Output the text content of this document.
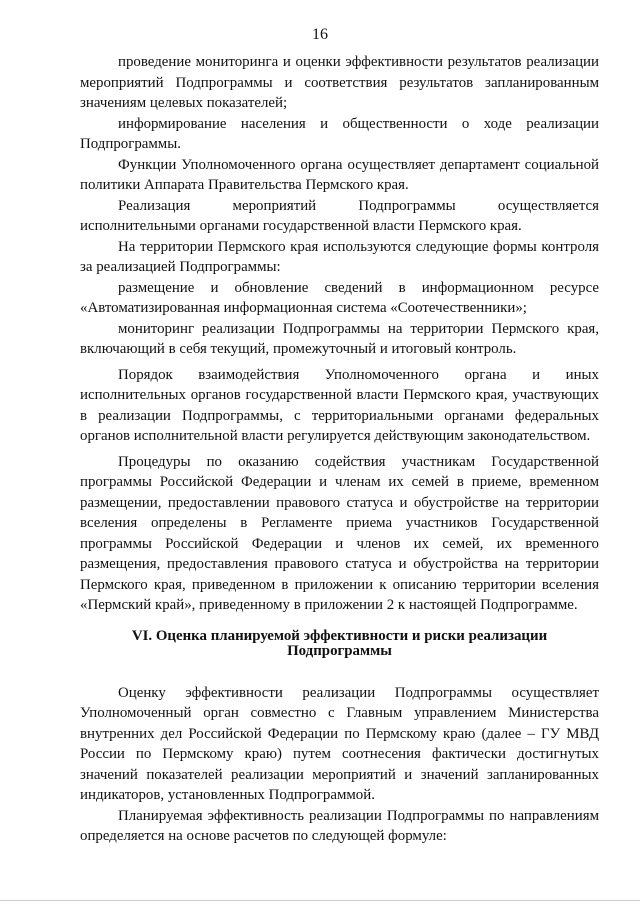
16

проведение мониторинга и оценки эффективности результатов реализации мероприятий Подпрограммы и соответствия результатов запланированным значениям целевых показателей;

информирование населения и общественности о ходе реализации Подпрограммы.

Функции Уполномоченного органа осуществляет департамент социальной политики Аппарата Правительства Пермского края.

Реализация мероприятий Подпрограммы осуществляется исполнительными органами государственной власти Пермского края.

На территории Пермского края используются следующие формы контроля за реализацией Подпрограммы:

размещение и обновление сведений в информационном ресурсе «Автоматизированная информационная система «Соотечественники»;

мониторинг реализации Подпрограммы на территории Пермского края, включающий в себя текущий, промежуточный и итоговый контроль.

Порядок взаимодействия Уполномоченного органа и иных исполнительных органов государственной власти Пермского края, участвующих в реализации Подпрограммы, с территориальными органами федеральных органов исполнительной власти регулируется действующим законодательством.

Процедуры по оказанию содействия участникам Государственной программы Российской Федерации и членам их семей в приеме, временном размещении, предоставлении правового статуса и обустройстве на территории вселения определены в Регламенте приема участников Государственной программы Российской Федерации и членов их семей, их временного размещения, предоставления правового статуса и обустройства на территории Пермского края, приведенном в приложении к описанию территории вселения «Пермский край», приведенному в приложении 2 к настоящей Подпрограмме.

VI. Оценка планируемой эффективности и риски реализации
Подпрограммы

Оценку эффективности реализации Подпрограммы осуществляет Уполномоченный орган совместно с Главным управлением Министерства внутренних дел Российской Федерации по Пермскому краю (далее – ГУ МВД России по Пермскому краю) путем соотнесения фактически достигнутых значений показателей реализации мероприятий и значений запланированных индикаторов, установленных Подпрограммой.

Планируемая эффективность реализации Подпрограммы по направлениям определяется на основе расчетов по следующей формуле:
